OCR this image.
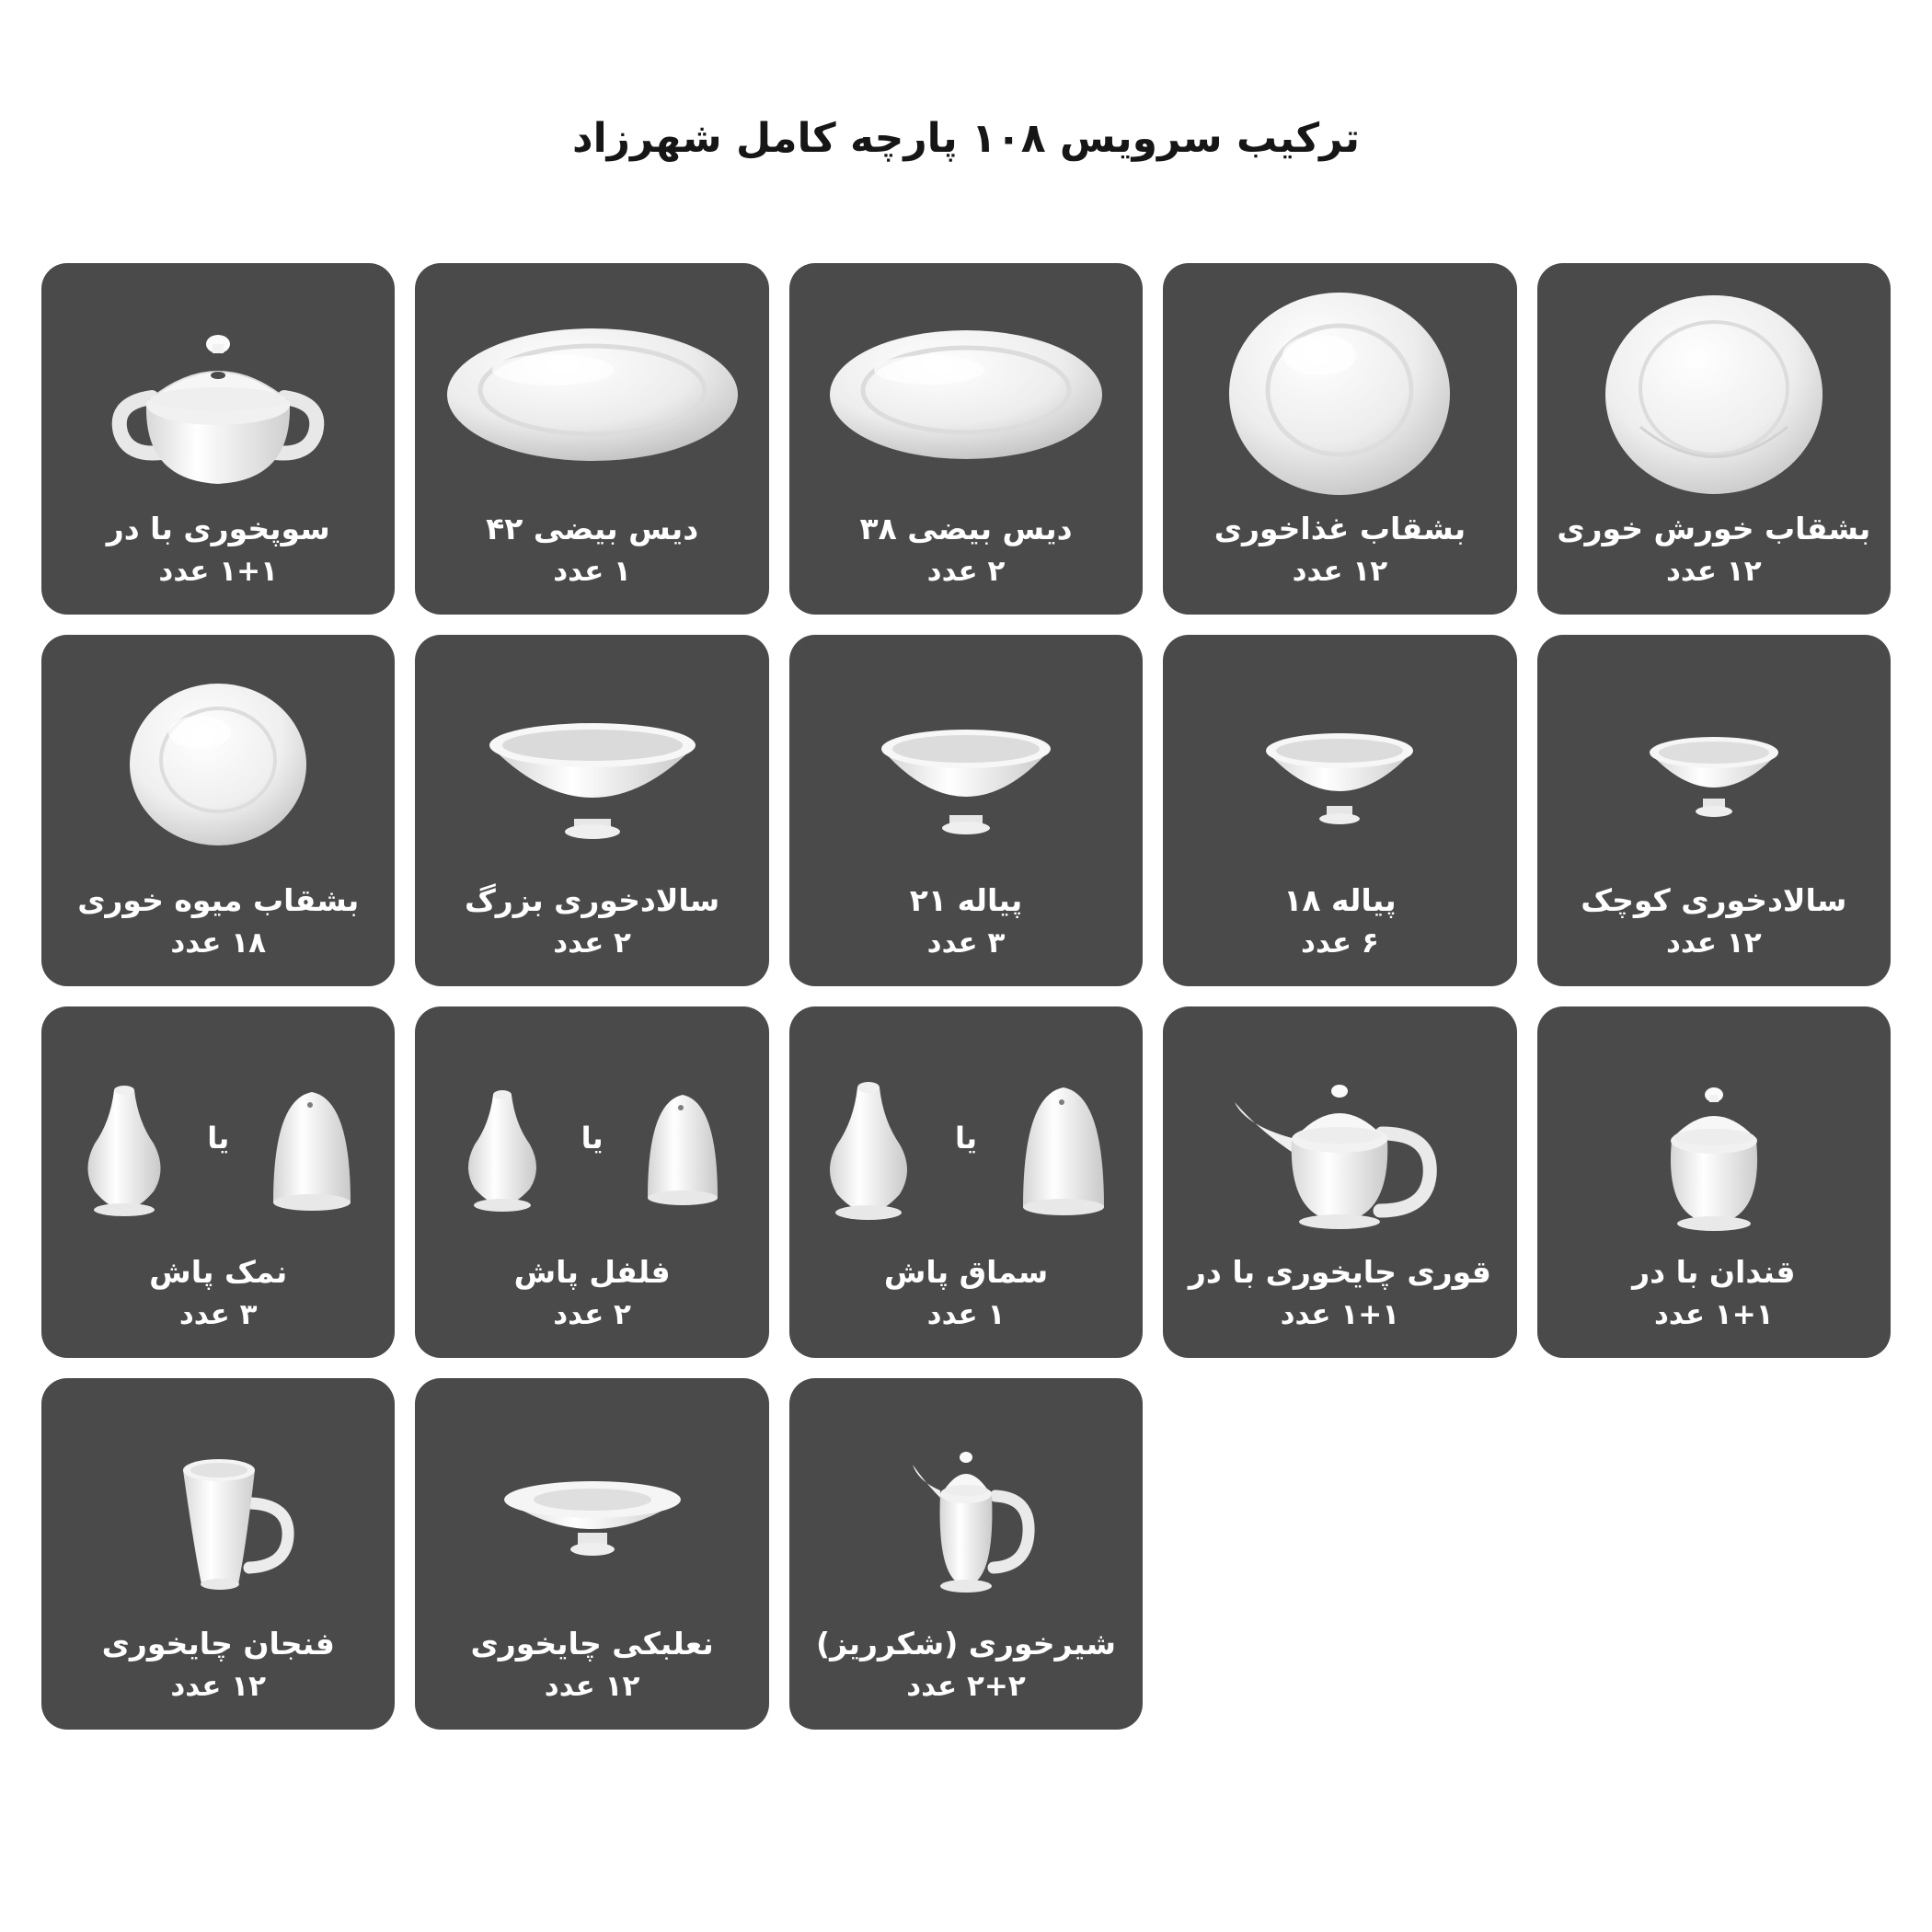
ترکیب سرویس ۱۰۸ پارچه کامل شهرزاد
بشقاب خورش خوری
۱۲ عدد
بشقاب غذاخوری
۱۲ عدد
دیس بیضی ۳۸
۲ عدد
دیس بیضی ۴۲
۱ عدد
سوپخوری با در
۱+۱ عدد
سالادخوری کوچک
۱۲ عدد
پیاله ۱۸
۶ عدد
پیاله ۲۱
۳ عدد
سالادخوری بزرگ
۲ عدد
بشقاب میوه خوری
۱۸ عدد
قندان با در
۱+۱ عدد
قوری چایخوری با در
۱+۱ عدد
یا
سماق پاش
۱ عدد
یا
فلفل پاش
۲ عدد
یا
نمک پاش
۳ عدد
شیرخوری (شکرریز)
۲+۲ عدد
نعلبکی چایخوری
۱۲ عدد
فنجان چایخوری
۱۲ عدد
